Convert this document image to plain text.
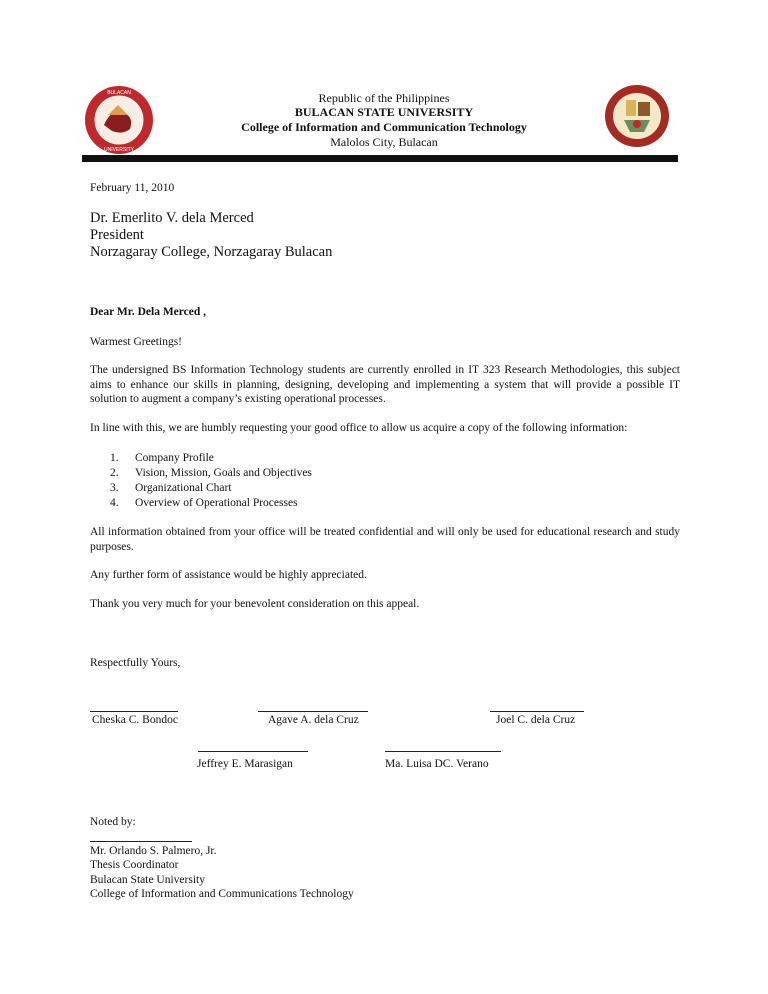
BULACAN
UNIVERSITY
Republic of the Philippines
BULACAN STATE UNIVERSITY
College of Information and Communication Technology
Malolos City, Bulacan
February 11, 2010
Dr. Emerlito V. dela Merced
President
Norzagaray College, Norzagaray Bulacan
Dear Mr. Dela Merced ,
Warmest Greetings!
The undersigned BS Information Technology students are currently enrolled in IT 323 Research Methodologies, this subject aims to enhance our skills in planning, designing, developing and implementing a system that will provide a possible IT solution to augment a company’s existing operational processes.
In line with this, we are humbly requesting your good office to allow us acquire a copy of the following information:
1.	Company Profile
2.	Vision, Mission, Goals and Objectives
3.	Organizational Chart
4.	Overview of Operational Processes
All information obtained from your office will be treated confidential and will only be used for educational research and study purposes.
Any further form of assistance would be highly appreciated.
Thank you very much for your benevolent consideration on this appeal.
Respectfully Yours,
Cheska C. Bondoc	Agave A. dela Cruz	Joel C. dela Cruz
Jeffrey E. Marasigan	Ma. Luisa DC. Verano
Noted by:
Mr. Orlando S. Palmero, Jr.
Thesis Coordinator
Bulacan State University
College of Information and Communications Technology
